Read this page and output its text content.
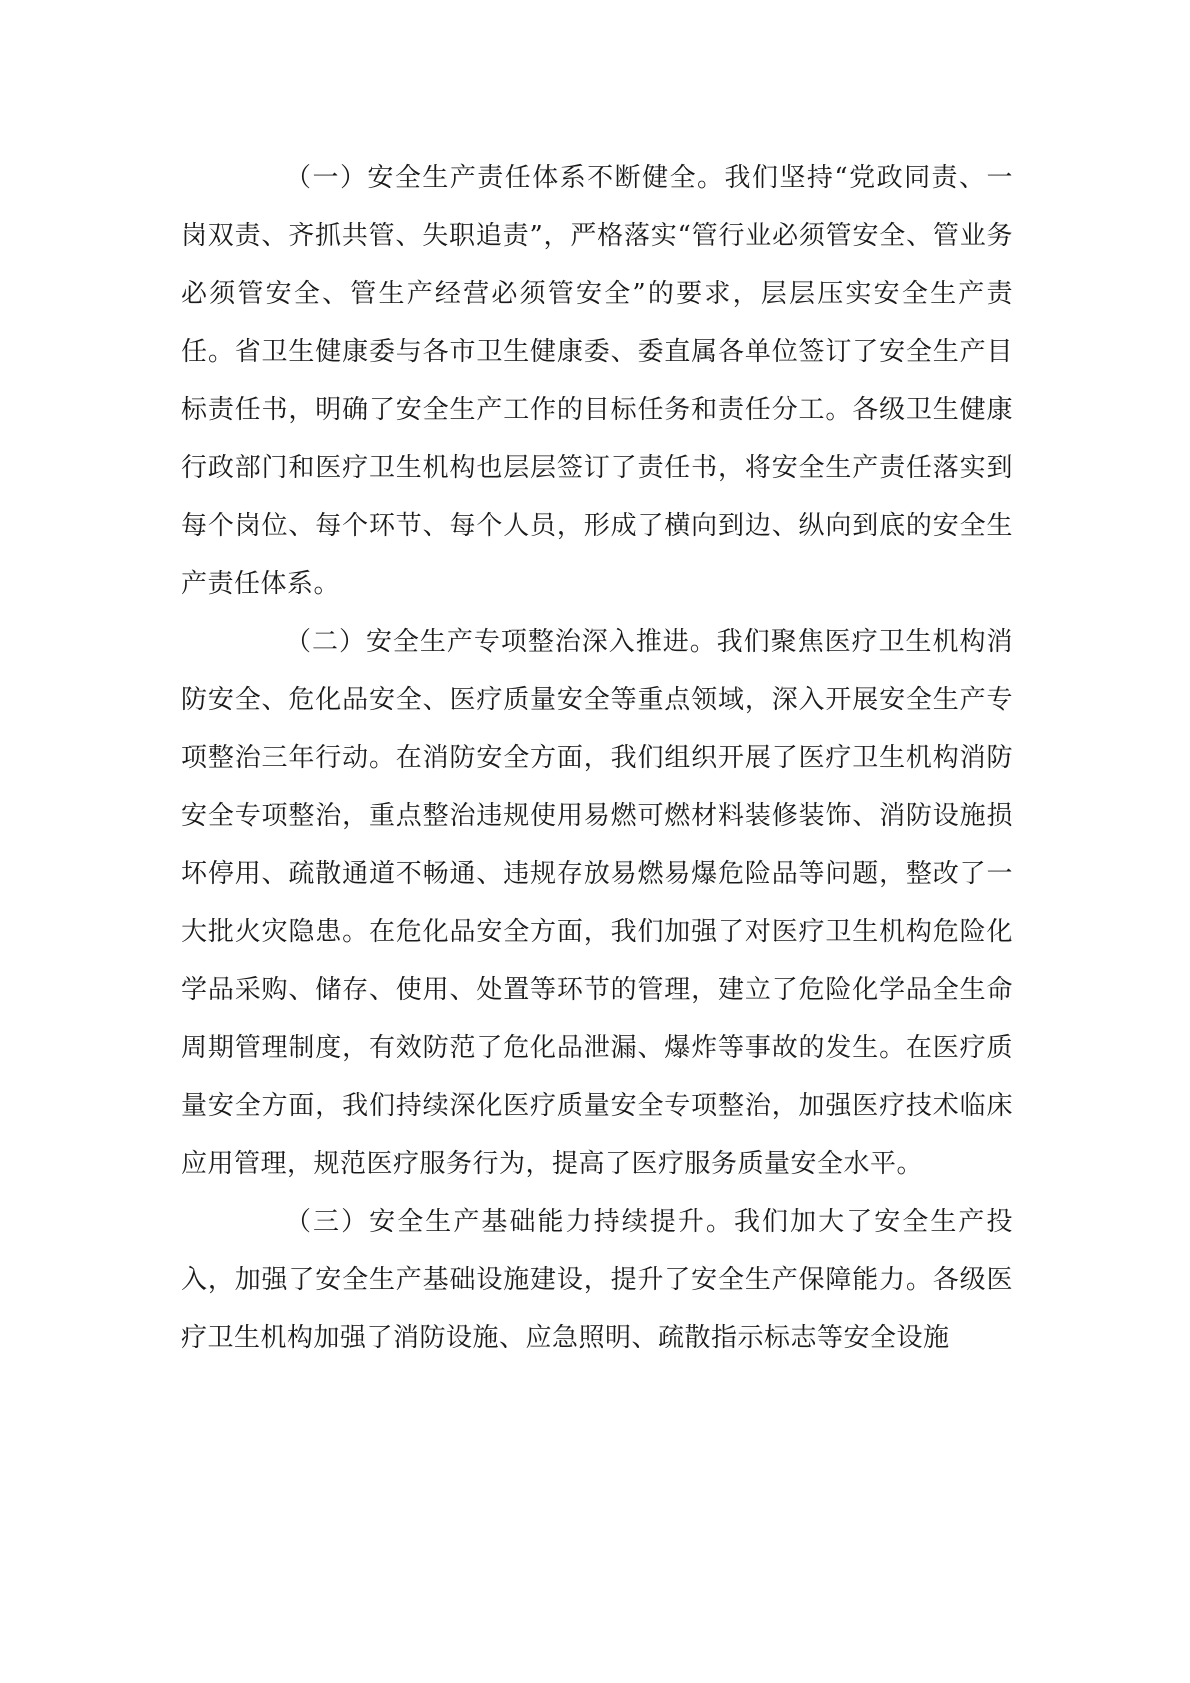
（一）安全生产责任体系不断健全。我们坚持“党政同责、一岗双责、齐抓共管、失职追责”，严格落实“管行业必须管安全、管业务必须管安全、管生产经营必须管安全”的要求，层层压实安全生产责任。省卫生健康委与各市卫生健康委、委直属各单位签订了安全生产目标责任书，明确了安全生产工作的目标任务和责任分工。各级卫生健康行政部门和医疗卫生机构也层层签订了责任书，将安全生产责任落实到每个岗位、每个环节、每个人员，形成了横向到边、纵向到底的安全生产责任体系。

（二）安全生产专项整治深入推进。我们聚焦医疗卫生机构消防安全、危化品安全、医疗质量安全等重点领域，深入开展安全生产专项整治三年行动。在消防安全方面，我们组织开展了医疗卫生机构消防安全专项整治，重点整治违规使用易燃可燃材料装修装饰、消防设施损坏停用、疏散通道不畅通、违规存放易燃易爆危险品等问题，整改了一大批火灾隐患。在危化品安全方面，我们加强了对医疗卫生机构危险化学品采购、储存、使用、处置等环节的管理，建立了危险化学品全生命周期管理制度，有效防范了危化品泄漏、爆炸等事故的发生。在医疗质量安全方面，我们持续深化医疗质量安全专项整治，加强医疗技术临床应用管理，规范医疗服务行为，提高了医疗服务质量安全水平。

（三）安全生产基础能力持续提升。我们加大了安全生产投入，加强了安全生产基础设施建设，提升了安全生产保障能力。各级医疗卫生机构加强了消防设施、应急照明、疏散指示标志等安全设施
